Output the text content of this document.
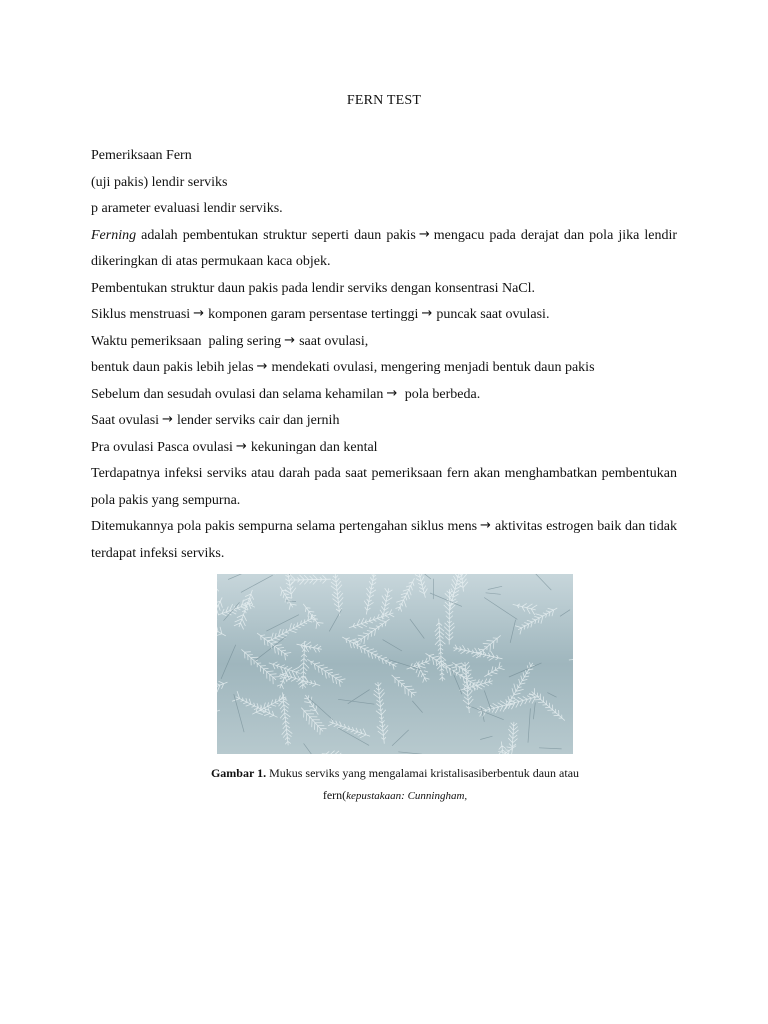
FERN TEST
Pemeriksaan Fern
(uji pakis) lendir serviks
p arameter evaluasi lendir serviks.
Ferning adalah pembentukan struktur seperti daun pakis → mengacu pada derajat dan pola jika lendir dikeringkan di atas permukaan kaca objek.
Pembentukan struktur daun pakis pada lendir serviks dengan konsentrasi NaCl.
Siklus menstruasi → komponen garam persentase tertinggi → puncak saat ovulasi.
Waktu pemeriksaan  paling sering → saat ovulasi,
bentuk daun pakis lebih jelas → mendekati ovulasi, mengering menjadi bentuk daun pakis
Sebelum dan sesudah ovulasi dan selama kehamilan → pola berbeda.
Saat ovulasi → lender serviks cair dan jernih
Pra ovulasi Pasca ovulasi → kekuningan dan kental
Terdapatnya infeksi serviks atau darah pada saat pemeriksaan fern akan menghambatkan pembentukan pola pakis yang sempurna.
Ditemukannya pola pakis sempurna selama pertengahan siklus mens → aktivitas estrogen baik dan tidak terdapat infeksi serviks.
Gambar 1. Mukus serviks yang mengalamai kristalisasiberbentuk daun atau fern(kepustakaan: Cunningham,
